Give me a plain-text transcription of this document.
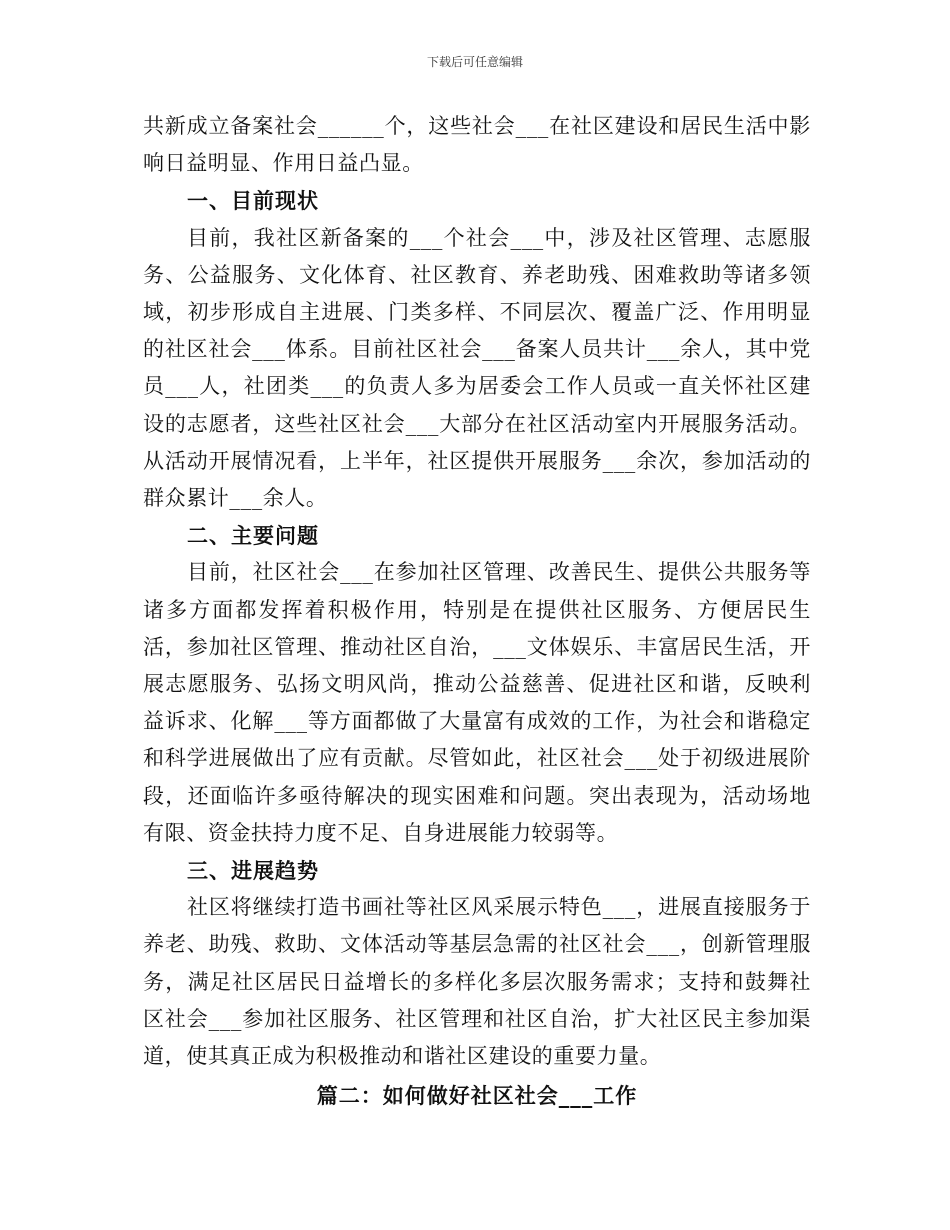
下载后可任意编辑

共新成立备案社会______个，这些社会___在社区建设和居民生活中影响日益明显、作用日益凸显。

一、目前现状

目前，我社区新备案的___个社会___中，涉及社区管理、志愿服务、公益服务、文化体育、社区教育、养老助残、困难救助等诸多领域，初步形成自主进展、门类多样、不同层次、覆盖广泛、作用明显的社区社会___体系。目前社区社会___备案人员共计___余人，其中党员___人，社团类___的负责人多为居委会工作人员或一直关怀社区建设的志愿者，这些社区社会___大部分在社区活动室内开展服务活动。从活动开展情况看，上半年，社区提供开展服务___余次，参加活动的群众累计___余人。

二、主要问题

目前，社区社会___在参加社区管理、改善民生、提供公共服务等诸多方面都发挥着积极作用，特别是在提供社区服务、方便居民生活，参加社区管理、推动社区自治，___文体娱乐、丰富居民生活，开展志愿服务、弘扬文明风尚，推动公益慈善、促进社区和谐，反映利益诉求、化解___等方面都做了大量富有成效的工作，为社会和谐稳定和科学进展做出了应有贡献。尽管如此，社区社会___处于初级进展阶段，还面临许多亟待解决的现实困难和问题。突出表现为，活动场地有限、资金扶持力度不足、自身进展能力较弱等。

三、进展趋势

社区将继续打造书画社等社区风采展示特色___，进展直接服务于养老、助残、救助、文体活动等基层急需的社区社会___，创新管理服务，满足社区居民日益增长的多样化多层次服务需求；支持和鼓舞社区社会___参加社区服务、社区管理和社区自治，扩大社区民主参加渠道，使其真正成为积极推动和谐社区建设的重要力量。

篇二：如何做好社区社会___工作
